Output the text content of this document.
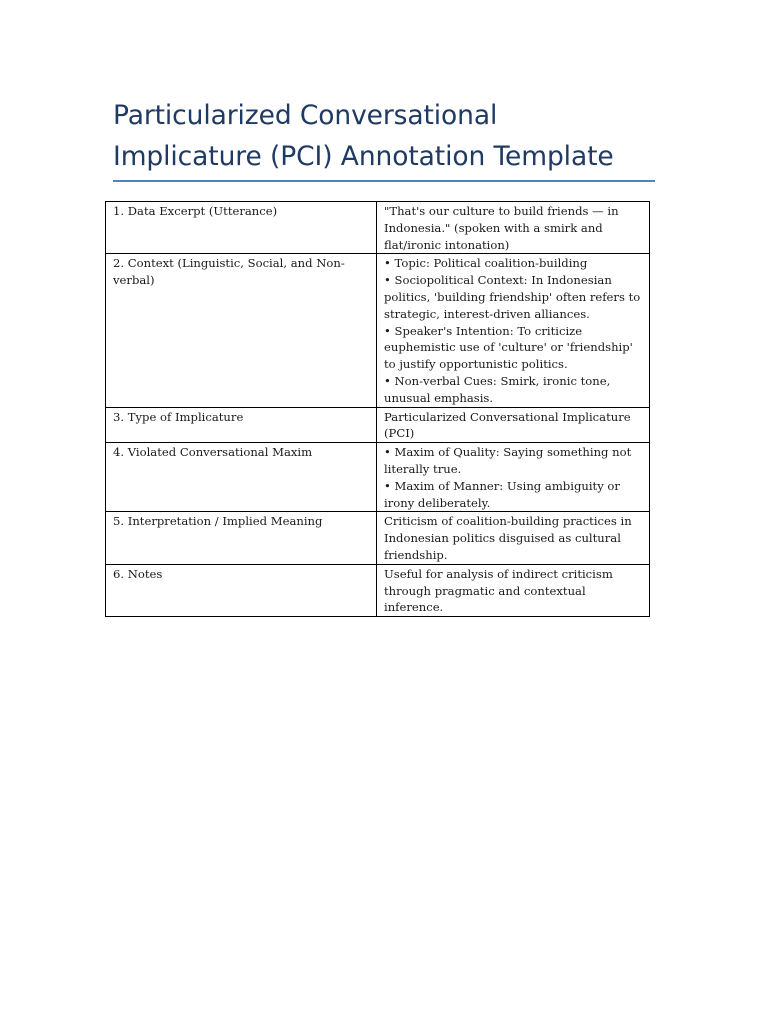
Particularized Conversational
Implicature (PCI) Annotation Template
1. Data Excerpt (Utterance)	"That's our culture to build friends — in Indonesia." (spoken with a smirk and flat/ironic intonation)

2. Context (Linguistic, Social, and Non-verbal)	• Topic: Political coalition-building
• Sociopolitical Context: In Indonesian politics, 'building friendship' often refers to strategic, interest-driven alliances.
• Speaker's Intention: To criticize euphemistic use of 'culture' or 'friendship' to justify opportunistic politics.
• Non-verbal Cues: Smirk, ironic tone, unusual emphasis.

3. Type of Implicature	Particularized Conversational Implicature (PCI)

4. Violated Conversational Maxim	• Maxim of Quality: Saying something not literally true.
• Maxim of Manner: Using ambiguity or irony deliberately.

5. Interpretation / Implied Meaning	Criticism of coalition-building practices in Indonesian politics disguised as cultural friendship.

6. Notes	Useful for analysis of indirect criticism through pragmatic and contextual inference.
